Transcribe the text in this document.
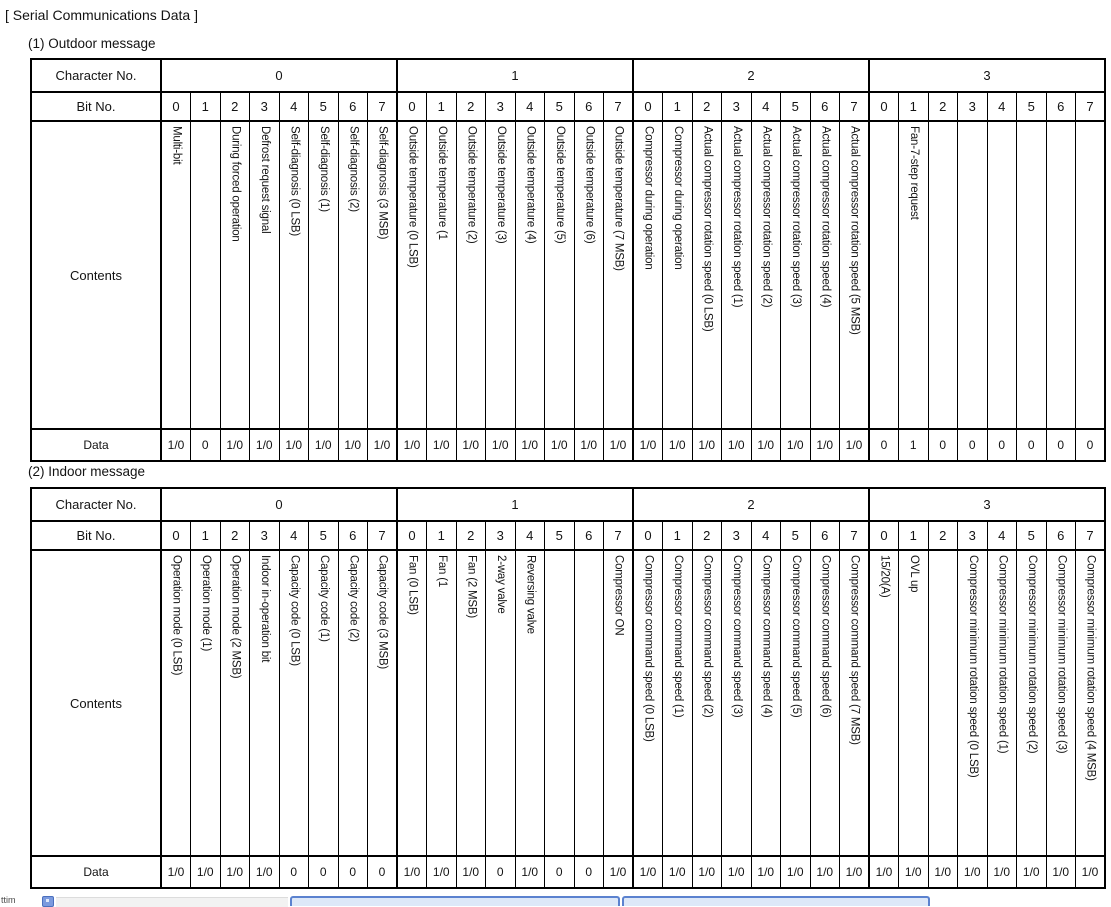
[ Serial Communications Data ]
(1) Outdoor message
Character No.	0								1								2								3							
Bit No.	0	1	2	3	4	5	6	7	0	1	2	3	4	5	6	7	0	1	2	3	4	5	6	7	0	1	2	3	4	5	6	7
Contents	Multi-bit		During forced operation	Defrost request signal	Self-diagnosis (0 LSB)	Self-diagnosis (1)	Self-diagnosis (2)	Self-diagnosis (3 MSB)	Outside temperature (0 LSB)	Outside temperature (1	Outside temperature (2)	Outside temperature (3)	Outside temperature (4)	Outside temperature (5)	Outside temperature (6)	Outside temperature (7 MSB)	Compressor during operation	Compressor during operation	Actual compressor rotation speed (0 LSB)	Actual compressor rotation speed (1)	Actual compressor rotation speed (2)	Actual compressor rotation speed (3)	Actual compressor rotation speed (4)	Actual compressor rotation speed (5 MSB)		Fan-7-step request						
Data	1/0	0	1/0	1/0	1/0	1/0	1/0	1/0	1/0	1/0	1/0	1/0	1/0	1/0	1/0	1/0	1/0	1/0	1/0	1/0	1/0	1/0	1/0	1/0	0	1	0	0	0	0	0	0
(2) Indoor message
Character No.	0								1								2								3							
Bit No.	0	1	2	3	4	5	6	7	0	1	2	3	4	5	6	7	0	1	2	3	4	5	6	7	0	1	2	3	4	5	6	7
Contents	Operation mode (0 LSB)	Operation mode (1)	Operation mode (2 MSB)	Indoor in-operation bit	Capacity code (0 LSB)	Capacity code (1)	Capacity code (2)	Capacity code (3 MSB)	Fan (0 LSB)	Fan (1	Fan (2 MSB)	2-way valve	Reversing valve			Compressor ON	Compressor command speed (0 LSB)	Compressor command speed (1)	Compressor command speed (2)	Compressor command speed (3)	Compressor command speed (4)	Compressor command speed (5)	Compressor command speed (6)	Compressor command speed (7 MSB)	15/20(A)	OVL up		Compressor minimum rotation speed (0 LSB)	Compressor minimum rotation speed (1)	Compressor minimum rotation speed (2)	Compressor minimum rotation speed (3)	Compressor minimum rotation speed (4 MSB)
Data	1/0	1/0	1/0	1/0	0	0	0	0	1/0	1/0	1/0	0	1/0	0	0	1/0	1/0	1/0	1/0	1/0	1/0	1/0	1/0	1/0	1/0	1/0	1/0	1/0	1/0	1/0	1/0	1/0
ttim
